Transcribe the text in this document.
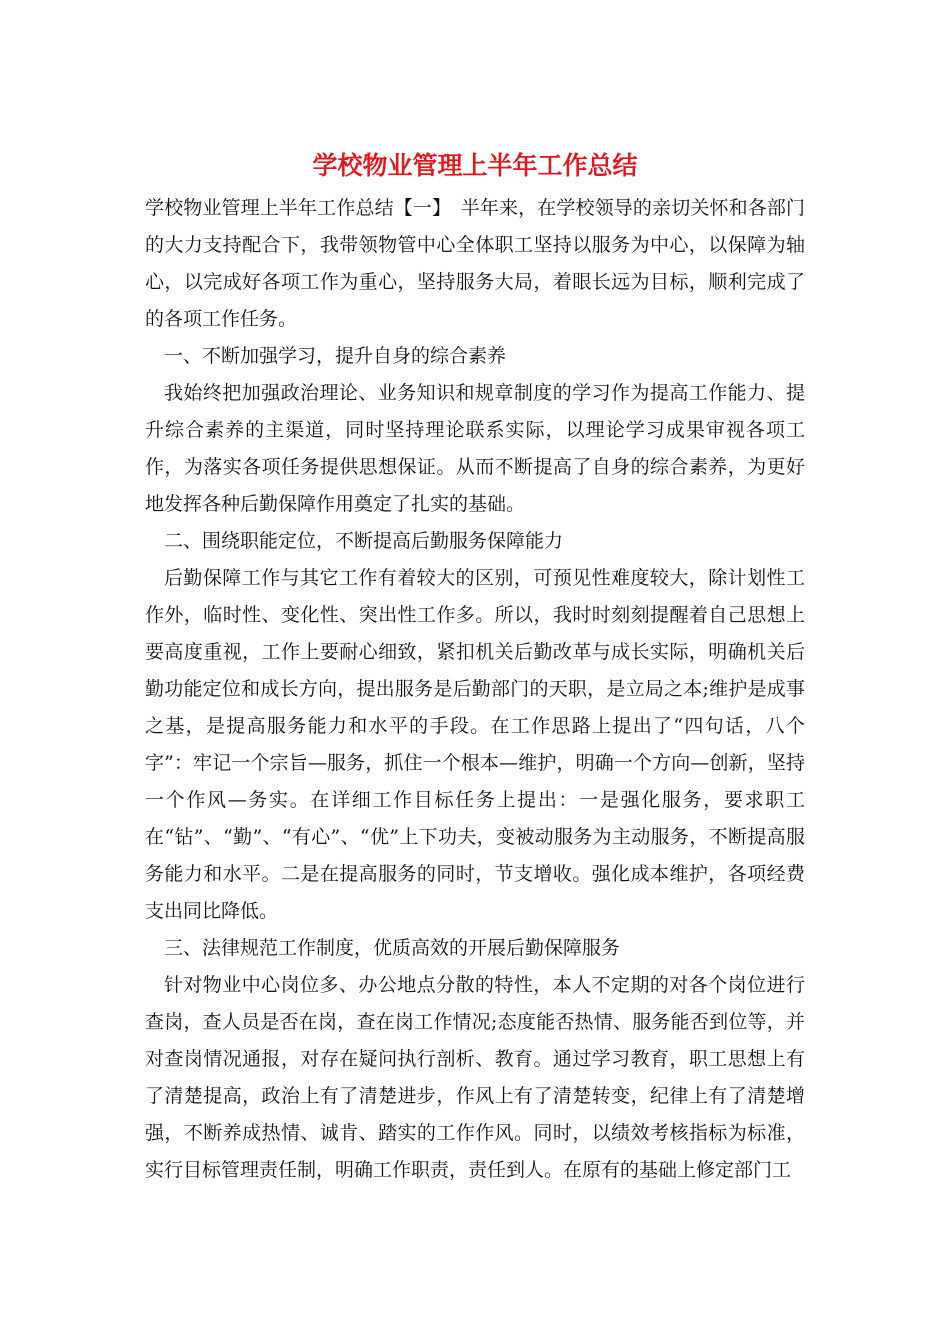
学校物业管理上半年工作总结

学校物业管理上半年工作总结【一】　半年来，在学校领导的亲切关怀和各部门的大力支持配合下，我带领物管中心全体职工坚持以服务为中心，以保障为轴心，以完成好各项工作为重心，坚持服务大局，着眼长远为目标，顺利完成了的各项工作任务。

一、不断加强学习，提升自身的综合素养

我始终把加强政治理论、业务知识和规章制度的学习作为提高工作能力、提升综合素养的主渠道，同时坚持理论联系实际，以理论学习成果审视各项工作，为落实各项任务提供思想保证。从而不断提高了自身的综合素养，为更好地发挥各种后勤保障作用奠定了扎实的基础。

二、围绕职能定位，不断提高后勤服务保障能力

后勤保障工作与其它工作有着较大的区别，可预见性难度较大，除计划性工作外，临时性、变化性、突出性工作多。所以，我时时刻刻提醒着自己思想上要高度重视，工作上要耐心细致，紧扣机关后勤改革与成长实际，明确机关后勤功能定位和成长方向，提出服务是后勤部门的天职，是立局之本;维护是成事之基，是提高服务能力和水平的手段。在工作思路上提出了“四句话，八个字”：牢记一个宗旨—服务，抓住一个根本—维护，明确一个方向—创新，坚持一个作风—务实。在详细工作目标任务上提出：一是强化服务，要求职工在“钻”、“勤”、“有心”、“优”上下功夫，变被动服务为主动服务，不断提高服务能力和水平。二是在提高服务的同时，节支增收。强化成本维护，各项经费支出同比降低。

三、法律规范工作制度，优质高效的开展后勤保障服务

针对物业中心岗位多、办公地点分散的特性，本人不定期的对各个岗位进行查岗，查人员是否在岗，查在岗工作情况;态度能否热情、服务能否到位等，并对查岗情况通报，对存在疑问执行剖析、教育。通过学习教育，职工思想上有了清楚提高，政治上有了清楚进步，作风上有了清楚转变，纪律上有了清楚增强，不断养成热情、诚肯、踏实的工作作风。同时，以绩效考核指标为标准，实行目标管理责任制，明确工作职责，责任到人。在原有的基础上修定部门工
